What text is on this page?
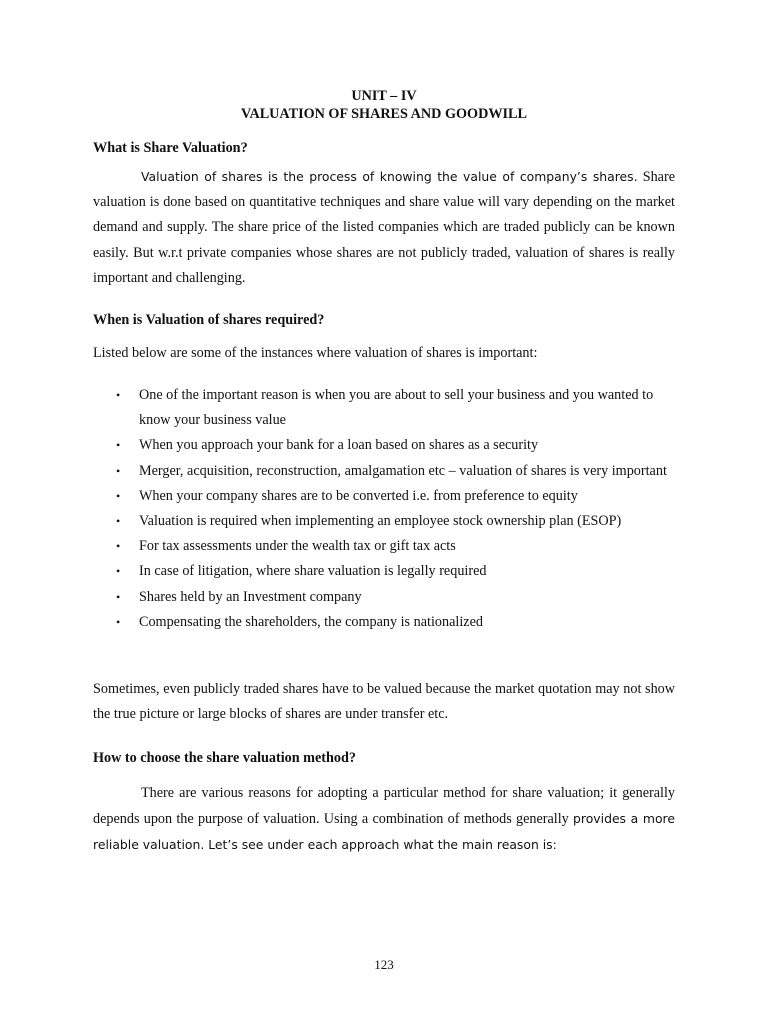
UNIT – IV
VALUATION OF SHARES AND GOODWILL
What is Share Valuation?

Valuation of shares is the process of knowing the value of company’s shares. Share valuation is done based on quantitative techniques and share value will vary depending on the market demand and supply. The share price of the listed companies which are traded publicly can be known easily. But w.r.t private companies whose shares are not publicly traded, valuation of shares is really important and challenging.

When is Valuation of shares required?

Listed below are some of the instances where valuation of shares is important:

• One of the important reason is when you are about to sell your business and you wanted to know your business value
• When you approach your bank for a loan based on shares as a security
• Merger, acquisition, reconstruction, amalgamation etc – valuation of shares is very important
• When your company shares are to be converted i.e. from preference to equity
• Valuation is required when implementing an employee stock ownership plan (ESOP)
• For tax assessments under the wealth tax or gift tax acts
• In case of litigation, where share valuation is legally required
• Shares held by an Investment company
• Compensating the shareholders, the company is nationalized

Sometimes, even publicly traded shares have to be valued because the market quotation may not show the true picture or large blocks of shares are under transfer etc.

How to choose the share valuation method?

There are various reasons for adopting a particular method for share valuation; it generally depends upon the purpose of valuation. Using a combination of methods generally provides a more reliable valuation. Let’s see under each approach what the main reason is:

123
